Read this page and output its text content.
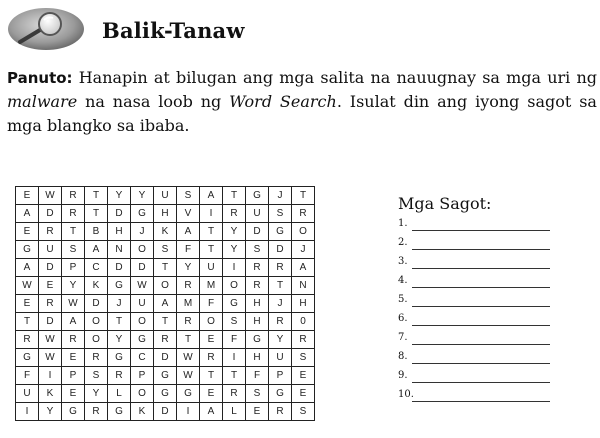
Balik-Tanaw
Panuto: Hanapin at bilugan ang mga salita na nauugnay sa mga uri ng malware na nasa loob ng Word Search. Isulat din ang iyong sagot sa mga blangko sa ibaba.
E	W	R	T	Y	Y	U	S	A	T	G	J	T
A	D	R	T	D	G	H	V	I	R	U	S	R
E	R	T	B	H	J	K	A	T	Y	D	G	O
G	U	S	A	N	O	S	F	T	Y	S	D	J
A	D	P	C	D	D	T	Y	U	I	R	R	A
W	E	Y	K	G	W	O	R	M	O	R	T	N
E	R	W	D	J	U	A	M	F	G	H	J	H
T	D	A	O	T	O	T	R	O	S	H	R	0
R	W	R	O	Y	G	R	T	E	F	G	Y	R
G	W	E	R	G	C	D	W	R	I	H	U	S
F	I	P	S	R	P	G	W	T	T	F	P	E
U	K	E	Y	L	O	G	G	E	R	S	G	E
I	Y	G	R	G	K	D	I	A	L	E	R	S
Mga Sagot:
1.
2.
3.
4.
5.
6.
7.
8.
9.
10.
